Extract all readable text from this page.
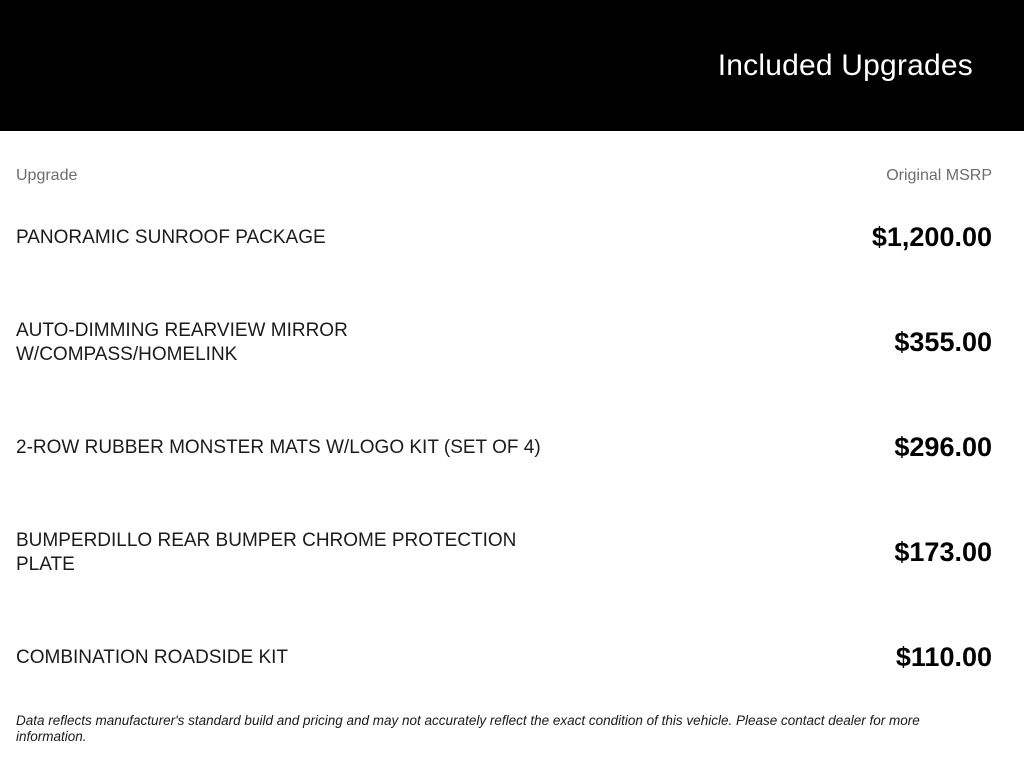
Included Upgrades
Upgrade	Original MSRP
PANORAMIC SUNROOF PACKAGE	$1,200.00
AUTO-DIMMING REARVIEW MIRROR W/COMPASS/HOMELINK	$355.00
2-ROW RUBBER MONSTER MATS W/LOGO KIT (SET OF 4)	$296.00
BUMPERDILLO REAR BUMPER CHROME PROTECTION PLATE	$173.00
COMBINATION ROADSIDE KIT	$110.00
Data reflects manufacturer's standard build and pricing and may not accurately reflect the exact condition of this vehicle. Please contact dealer for more information.
